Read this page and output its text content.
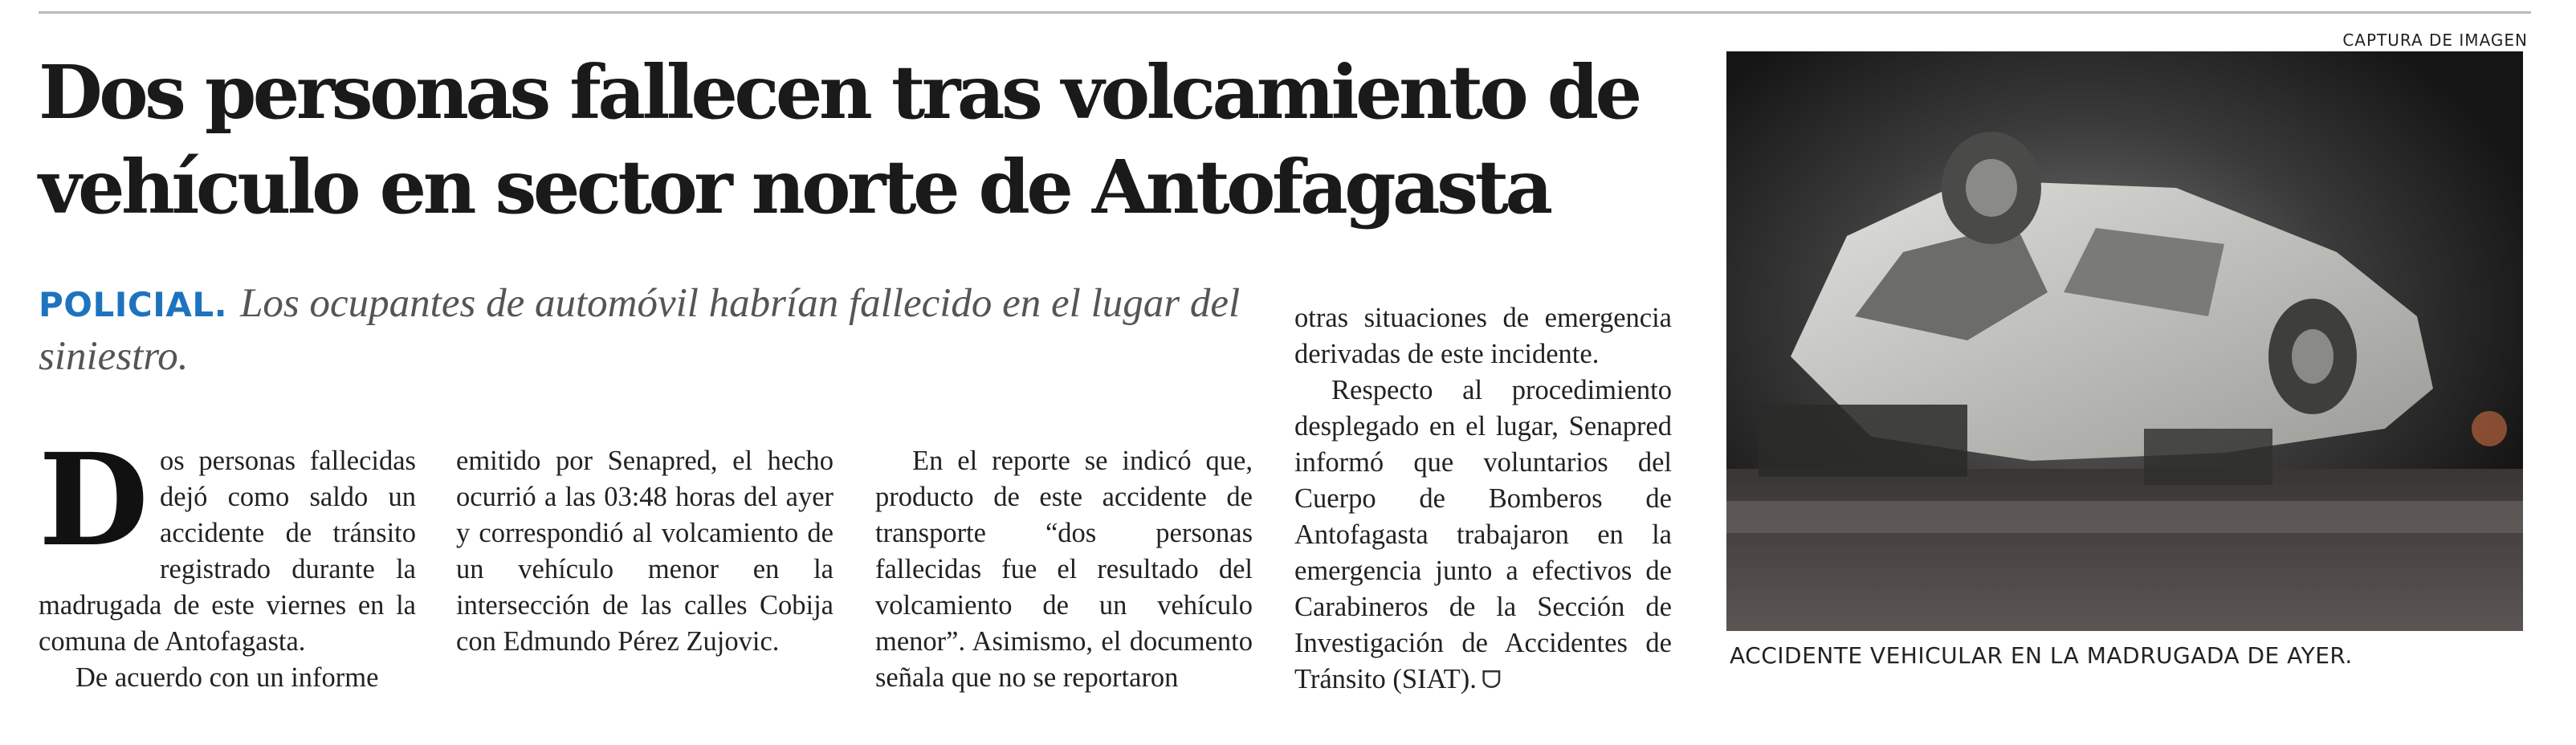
CAPTURA DE IMAGEN
Dos personas fallecen tras volcamiento de
vehículo en sector norte de Antofagasta
POLICIAL. Los ocupantes de automóvil habrían fallecido en el lugar del siniestro.

D os personas fallecidas dejó como saldo un accidente de tránsito registrado durante la madrugada de este viernes en la comuna de Antofagasta.

De acuerdo con un informe

emitido por Senapred, el hecho ocurrió a las 03:48 horas del ayer y correspondió al volcamiento de un vehículo menor en la intersección de las calles Cobija con Edmundo Pérez Zujovic.

En el reporte se indicó que, producto de este accidente de transporte “dos personas fallecidas fue el resultado del volcamiento de un vehículo menor”. Asimismo, el documento señala que no se reportaron

otras situaciones de emergencia derivadas de este incidente.

Respecto al procedimiento desplegado en el lugar, Senapred informó que voluntarios del Cuerpo de Bomberos de Antofagasta trabajaron en la emergencia junto a efectivos de Carabineros de la Sección de Investigación de Accidentes de Tránsito (SIAT). ᗜ

ACCIDENTE VEHICULAR EN LA MADRUGADA DE AYER.
